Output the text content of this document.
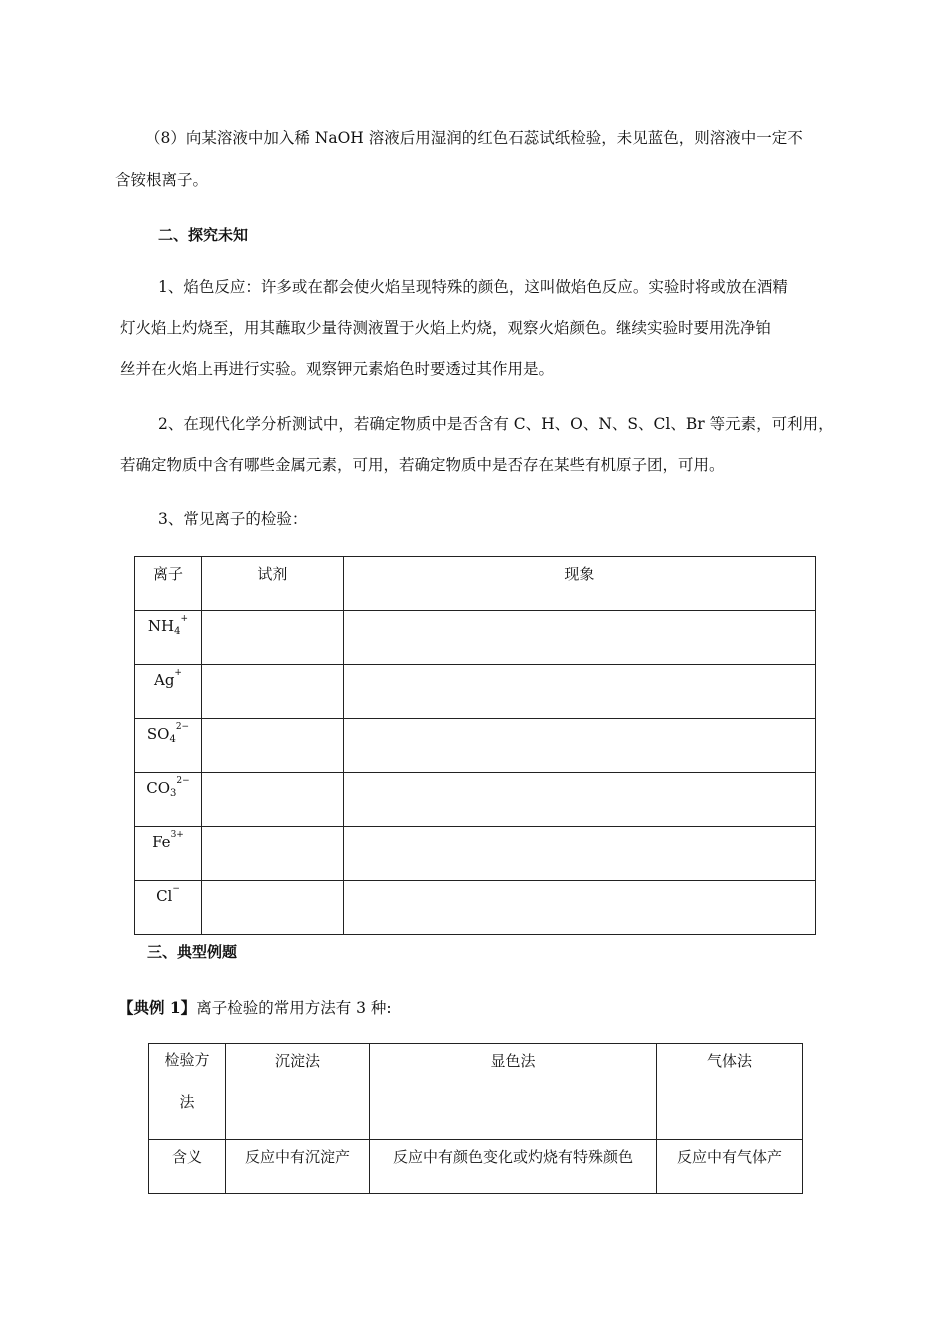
（8）向某溶液中加入稀 NaOH 溶液后用湿润的红色石蕊试纸检验，未见蓝色，则溶液中一定不
含铵根离子。
二、探究未知
1、焰色反应：许多或在都会使火焰呈现特殊的颜色，这叫做焰色反应。实验时将或放在酒精
灯火焰上灼烧至，用其蘸取少量待测液置于火焰上灼烧，观察火焰颜色。继续实验时要用洗净铂
丝并在火焰上再进行实验。观察钾元素焰色时要透过其作用是。
2、在现代化学分析测试中，若确定物质中是否含有 C、H、O、N、S、Cl、Br 等元素，可利用，
若确定物质中含有哪些金属元素，可用，若确定物质中是否存在某些有机原子团，可用。
3、常见离子的检验：
离子	试剂	现象
$NH_4^+$		
Ag+		
$SO_4^{2-}$		
$CO_3^{2-}$		
$Fe^{3+}$		
Cl−		
三、典型例题
【典例 1】离子检验的常用方法有 3 种:
检验方
法	沉淀法	显色法	气体法
含义	反应中有沉淀产	反应中有颜色变化或灼烧有特殊颜色	反应中有气体产
